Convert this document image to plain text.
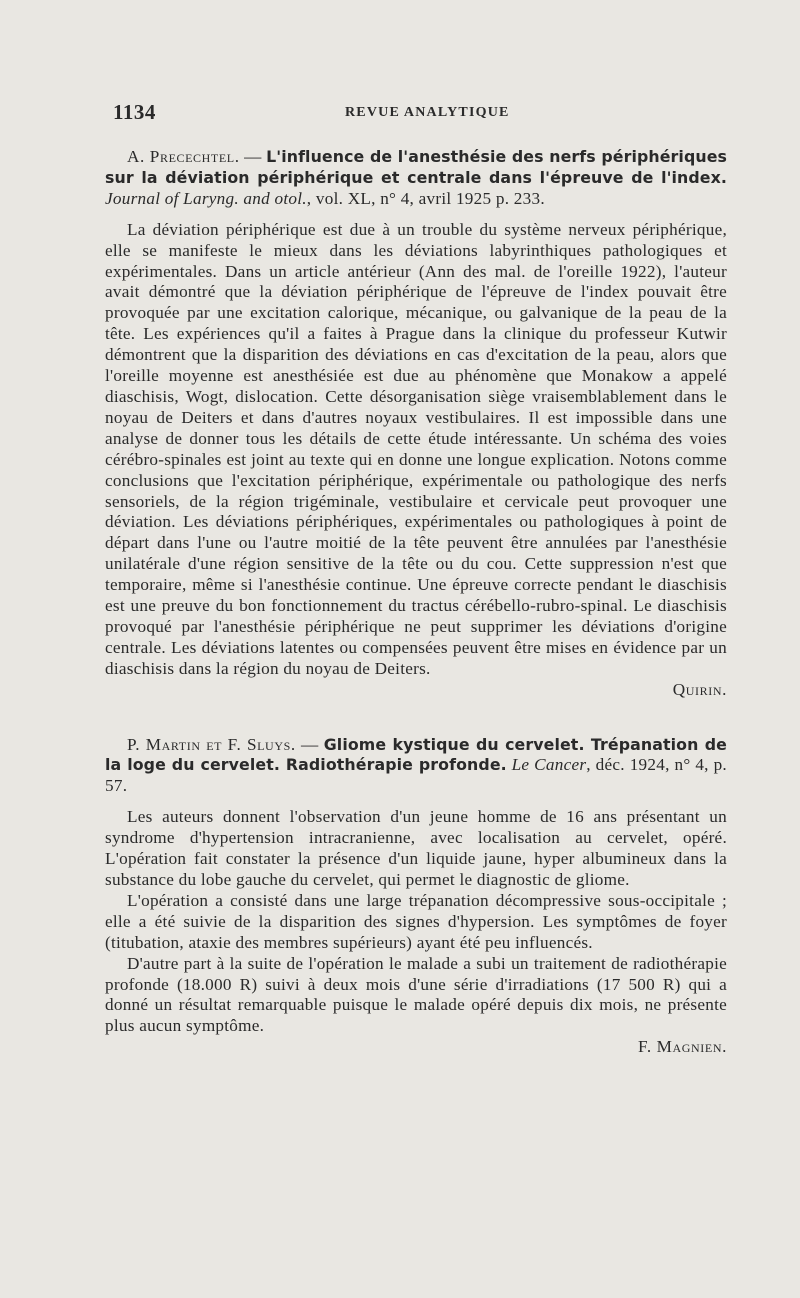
1134	REVUE ANALYTIQUE

A. Precechtel. — L'influence de l'anesthésie des nerfs périphériques sur la déviation périphérique et centrale dans l'épreuve de l'index. Journal of Laryng. and otol., vol. XL, n° 4, avril 1925 p. 233.

La déviation périphérique est due à un trouble du système nerveux périphérique, elle se manifeste le mieux dans les déviations labyrinthiques pathologiques et expérimentales. Dans un article antérieur (Ann des mal. de l'oreille 1922), l'auteur avait démontré que la déviation périphérique de l'épreuve de l'index pouvait être provoquée par une excitation calorique, mécanique, ou galvanique de la peau de la tête. Les expériences qu'il a faites à Prague dans la clinique du professeur Kutwir démontrent que la disparition des déviations en cas d'excitation de la peau, alors que l'oreille moyenne est anesthésiée est due au phénomène que Monakow a appelé diaschisis, Wogt, dislocation. Cette désorganisation siège vraisemblablement dans le noyau de Deiters et dans d'autres noyaux vestibulaires. Il est impossible dans une analyse de donner tous les détails de cette étude intéressante. Un schéma des voies cérébro-spinales est joint au texte qui en donne une longue explication. Notons comme conclusions que l'excitation périphérique, expérimentale ou pathologique des nerfs sensoriels, de la région trigéminale, vestibulaire et cervicale peut provoquer une déviation. Les déviations périphériques, expérimentales ou pathologiques à point de départ dans l'une ou l'autre moitié de la tête peuvent être annulées par l'anesthésie unilatérale d'une région sensitive de la tête ou du cou. Cette suppression n'est que temporaire, même si l'anesthésie continue. Une épreuve correcte pendant le diaschisis est une preuve du bon fonctionnement du tractus cérébello-rubro-spinal. Le diaschisis provoqué par l'anesthésie périphérique ne peut supprimer les déviations d'origine centrale. Les déviations latentes ou compensées peuvent être mises en évidence par un diaschisis dans la région du noyau de Deiters.

Quirin.

P. Martin et F. Sluys. — Gliome kystique du cervelet. Trépanation de la loge du cervelet. Radiothérapie profonde. Le Cancer, déc. 1924, n° 4, p. 57.

Les auteurs donnent l'observation d'un jeune homme de 16 ans présentant un syndrome d'hypertension intracranienne, avec localisation au cervelet, opéré. L'opération fait constater la présence d'un liquide jaune, hyper albumineux dans la substance du lobe gauche du cervelet, qui permet le diagnostic de gliome.

L'opération a consisté dans une large trépanation décompressive sous-occipitale ; elle a été suivie de la disparition des signes d'hypersion. Les symptômes de foyer (titubation, ataxie des membres supérieurs) ayant été peu influencés.

D'autre part à la suite de l'opération le malade a subi un traitement de radiothérapie profonde (18.000 R) suivi à deux mois d'une série d'irradiations (17 500 R) qui a donné un résultat remarquable puisque le malade opéré depuis dix mois, ne présente plus aucun symptôme.

F. Magnien.
